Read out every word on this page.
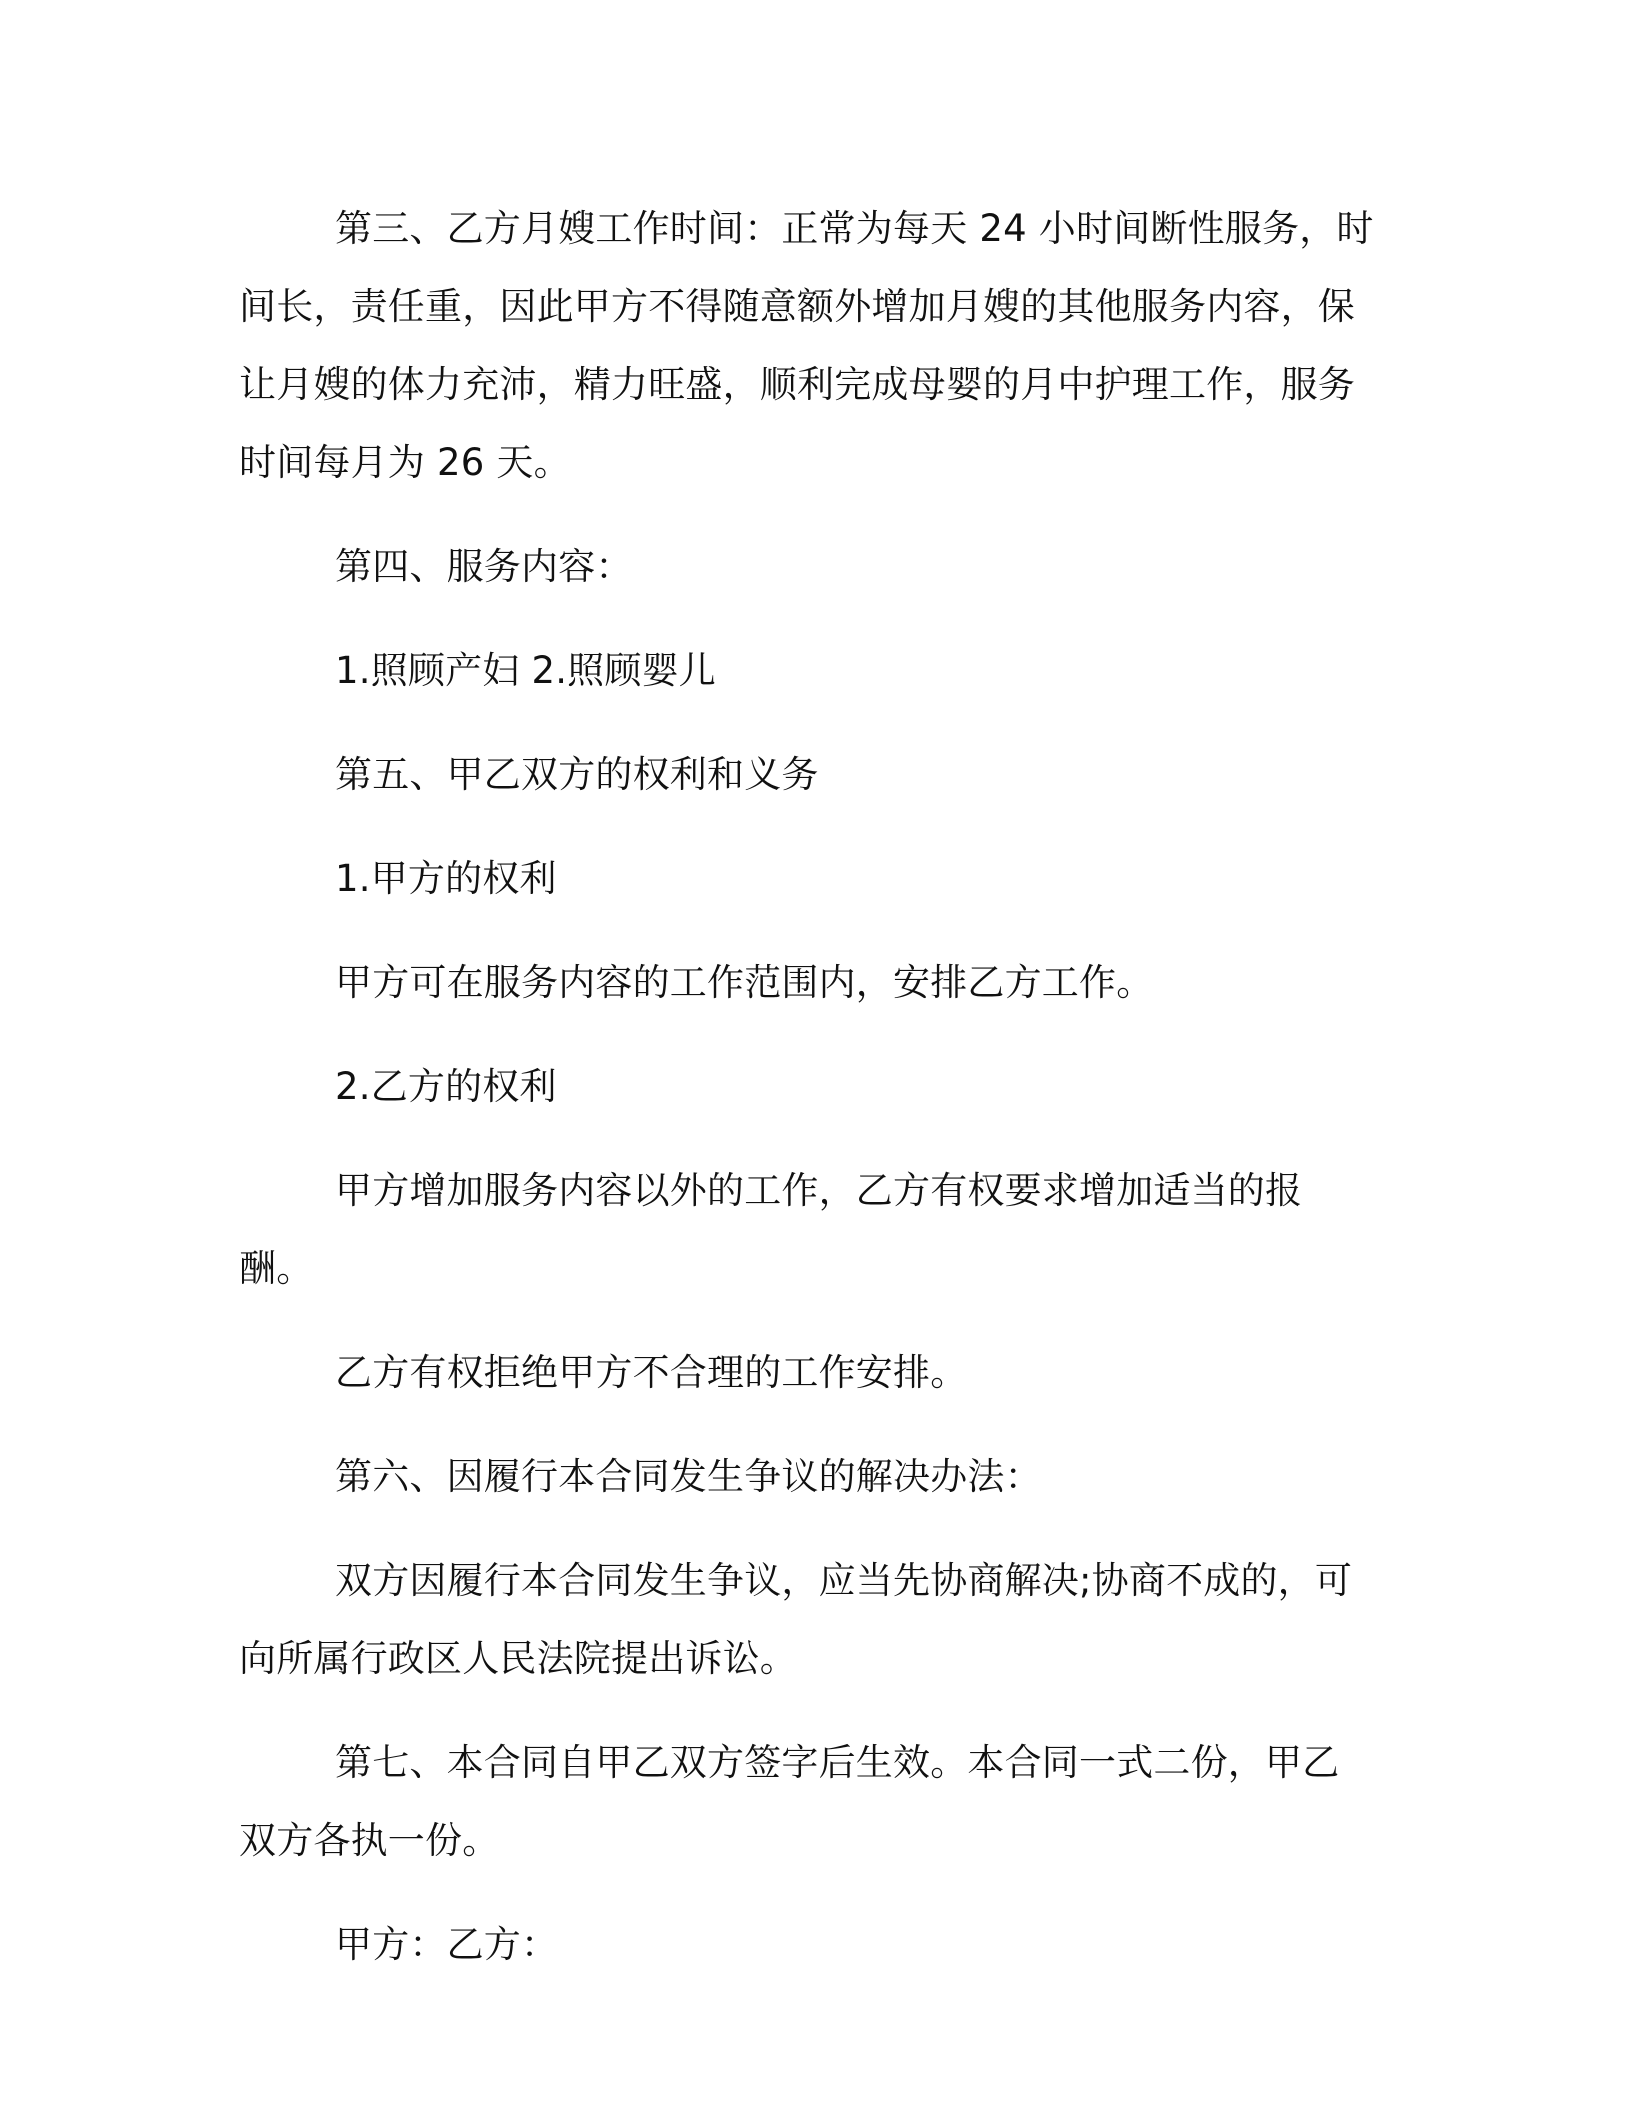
第三、乙方月嫂工作时间：正常为每天 24 小时间断性服务，时间长，责任重，因此甲方不得随意额外增加月嫂的其他服务内容，保让月嫂的体力充沛，精力旺盛，顺利完成母婴的月中护理工作，服务时间每月为 26 天。

第四、服务内容：

1.照顾产妇 2.照顾婴儿

第五、甲乙双方的权利和义务

1.甲方的权利

甲方可在服务内容的工作范围内，安排乙方工作。

2.乙方的权利

甲方增加服务内容以外的工作，乙方有权要求增加适当的报酬。

乙方有权拒绝甲方不合理的工作安排。

第六、因履行本合同发生争议的解决办法：

双方因履行本合同发生争议，应当先协商解决;协商不成的，可向所属行政区人民法院提出诉讼。

第七、本合同自甲乙双方签字后生效。本合同一式二份，甲乙双方各执一份。

甲方： 乙方：
